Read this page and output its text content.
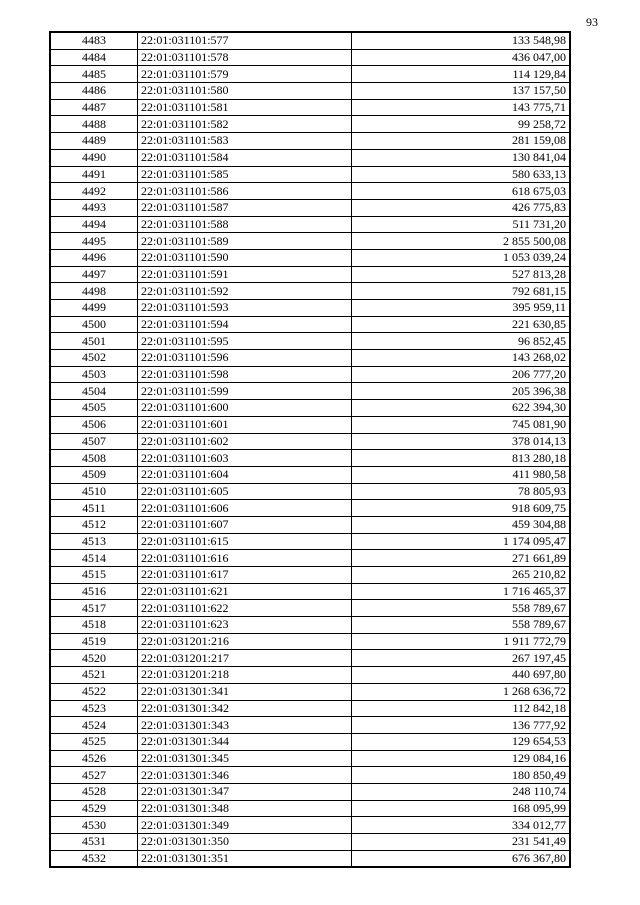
93
4483	22:01:031101:577	133 548,98
4484	22:01:031101:578	436 047,00
4485	22:01:031101:579	114 129,84
4486	22:01:031101:580	137 157,50
4487	22:01:031101:581	143 775,71
4488	22:01:031101:582	99 258,72
4489	22:01:031101:583	281 159,08
4490	22:01:031101:584	130 841,04
4491	22:01:031101:585	580 633,13
4492	22:01:031101:586	618 675,03
4493	22:01:031101:587	426 775,83
4494	22:01:031101:588	511 731,20
4495	22:01:031101:589	2 855 500,08
4496	22:01:031101:590	1 053 039,24
4497	22:01:031101:591	527 813,28
4498	22:01:031101:592	792 681,15
4499	22:01:031101:593	395 959,11
4500	22:01:031101:594	221 630,85
4501	22:01:031101:595	96 852,45
4502	22:01:031101:596	143 268,02
4503	22:01:031101:598	206 777,20
4504	22:01:031101:599	205 396,38
4505	22:01:031101:600	622 394,30
4506	22:01:031101:601	745 081,90
4507	22:01:031101:602	378 014,13
4508	22:01:031101:603	813 280,18
4509	22:01:031101:604	411 980,58
4510	22:01:031101:605	78 805,93
4511	22:01:031101:606	918 609,75
4512	22:01:031101:607	459 304,88
4513	22:01:031101:615	1 174 095,47
4514	22:01:031101:616	271 661,89
4515	22:01:031101:617	265 210,82
4516	22:01:031101:621	1 716 465,37
4517	22:01:031101:622	558 789,67
4518	22:01:031101:623	558 789,67
4519	22:01:031201:216	1 911 772,79
4520	22:01:031201:217	267 197,45
4521	22:01:031201:218	440 697,80
4522	22:01:031301:341	1 268 636,72
4523	22:01:031301:342	112 842,18
4524	22:01:031301:343	136 777,92
4525	22:01:031301:344	129 654,53
4526	22:01:031301:345	129 084,16
4527	22:01:031301:346	180 850,49
4528	22:01:031301:347	248 110,74
4529	22:01:031301:348	168 095,99
4530	22:01:031301:349	334 012,77
4531	22:01:031301:350	231 541,49
4532	22:01:031301:351	676 367,80
